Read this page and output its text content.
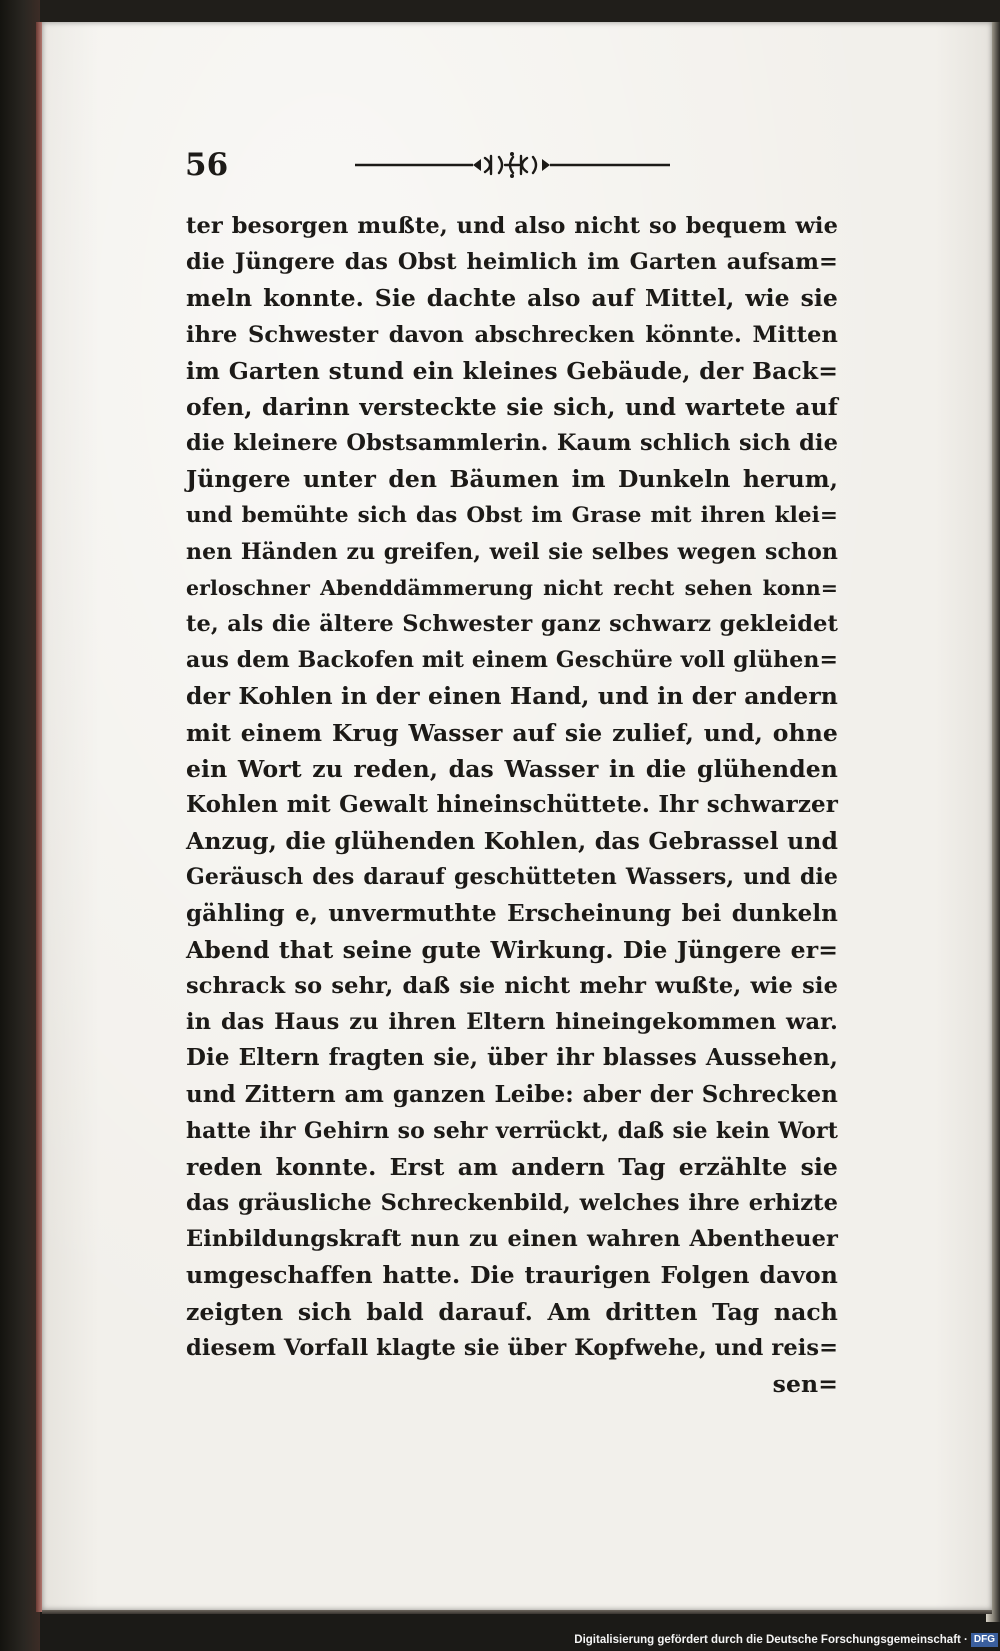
56
ter besorgen mußte, und also nicht so bequem wie
die Jüngere das Obst heimlich im Garten aufsam=
meln konnte. Sie dachte also auf Mittel, wie sie
ihre Schwester davon abschrecken könnte. Mitten
im Garten stund ein kleines Gebäude, der Back=
ofen, darinn versteckte sie sich, und wartete auf
die kleinere Obstsammlerin. Kaum schlich sich die
Jüngere unter den Bäumen im Dunkeln herum,
und bemühte sich das Obst im Grase mit ihren klei=
nen Händen zu greifen, weil sie selbes wegen schon
erloschner Abenddämmerung nicht recht sehen konn=
te, als die ältere Schwester ganz schwarz gekleidet
aus dem Backofen mit einem Geschüre voll glühen=
der Kohlen in der einen Hand, und in der andern
mit einem Krug Wasser auf sie zulief, und, ohne
ein Wort zu reden, das Wasser in die glühenden
Kohlen mit Gewalt hineinschüttete. Ihr schwarzer
Anzug, die glühenden Kohlen, das Gebrassel und
Geräusch des darauf geschütteten Wassers, und die
gähling e, unvermuthte Erscheinung bei dunkeln
Abend that seine gute Wirkung. Die Jüngere er=
schrack so sehr, daß sie nicht mehr wußte, wie sie
in das Haus zu ihren Eltern hineingekommen war.
Die Eltern fragten sie, über ihr blasses Aussehen,
und Zittern am ganzen Leibe: aber der Schrecken
hatte ihr Gehirn so sehr verrückt, daß sie kein Wort
reden konnte. Erst am andern Tag erzählte sie
das gräusliche Schreckenbild, welches ihre erhizte
Einbildungskraft nun zu einen wahren Abentheuer
umgeschaffen hatte. Die traurigen Folgen davon
zeigten sich bald darauf. Am dritten Tag nach
diesem Vorfall klagte sie über Kopfwehe, und reis=
sen=
Digitalisierung gefördert durch die Deutsche Forschungsgemeinschaft · DFG
